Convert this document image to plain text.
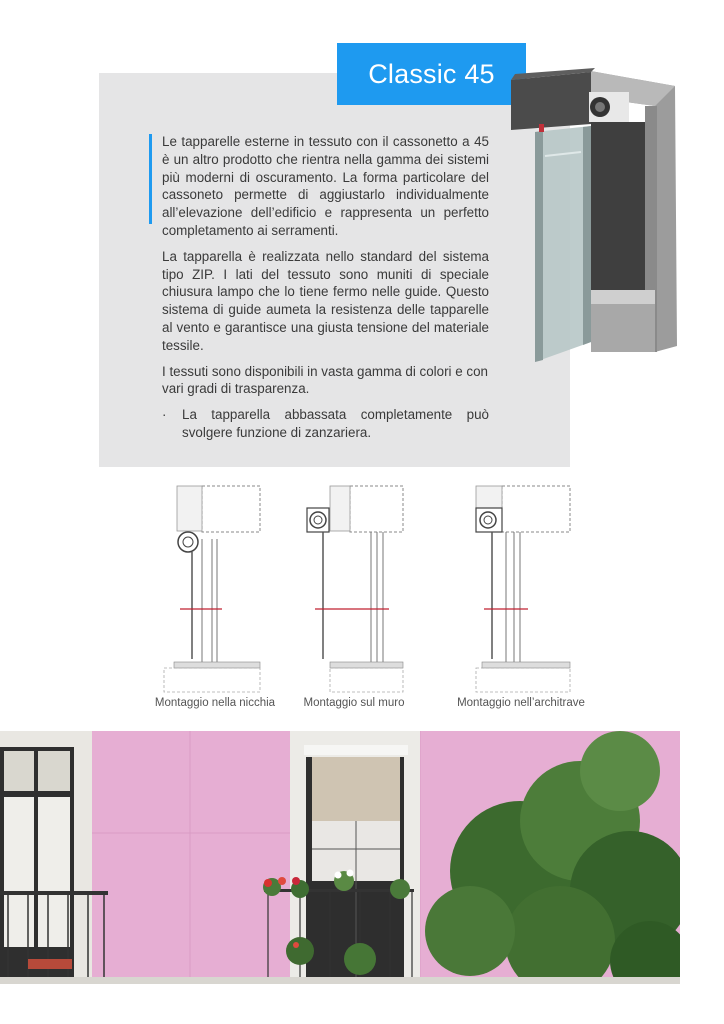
Classic 45

Le tapparelle esterne in tessuto con il cassonetto a 45 è un altro prodotto che rientra nella gamma dei sistemi più moderni di oscuramento. La forma particolare del cassoneto permette di aggiustarlo individualmente all’elevazione dell’edificio e rappresenta un perfetto completamento ai serramenti.

La tapparella è realizzata nello standard del sistema tipo ZIP. I lati del tessuto sono muniti di speciale chiusura lampo che lo tiene fermo nelle guide. Questo sistema di guide aumeta la resistenza delle tapparelle al vento e garantisce una giusta tensione del materiale tessile.

I tessuti sono disponibili in vasta gamma di colori e con vari gradi di trasparenza.

·	La tapparella abbassata completamente può svolgere funzione di zanzariera.
Montaggio nella nicchia	Montaggio sul muro	Montaggio nell’architrave
